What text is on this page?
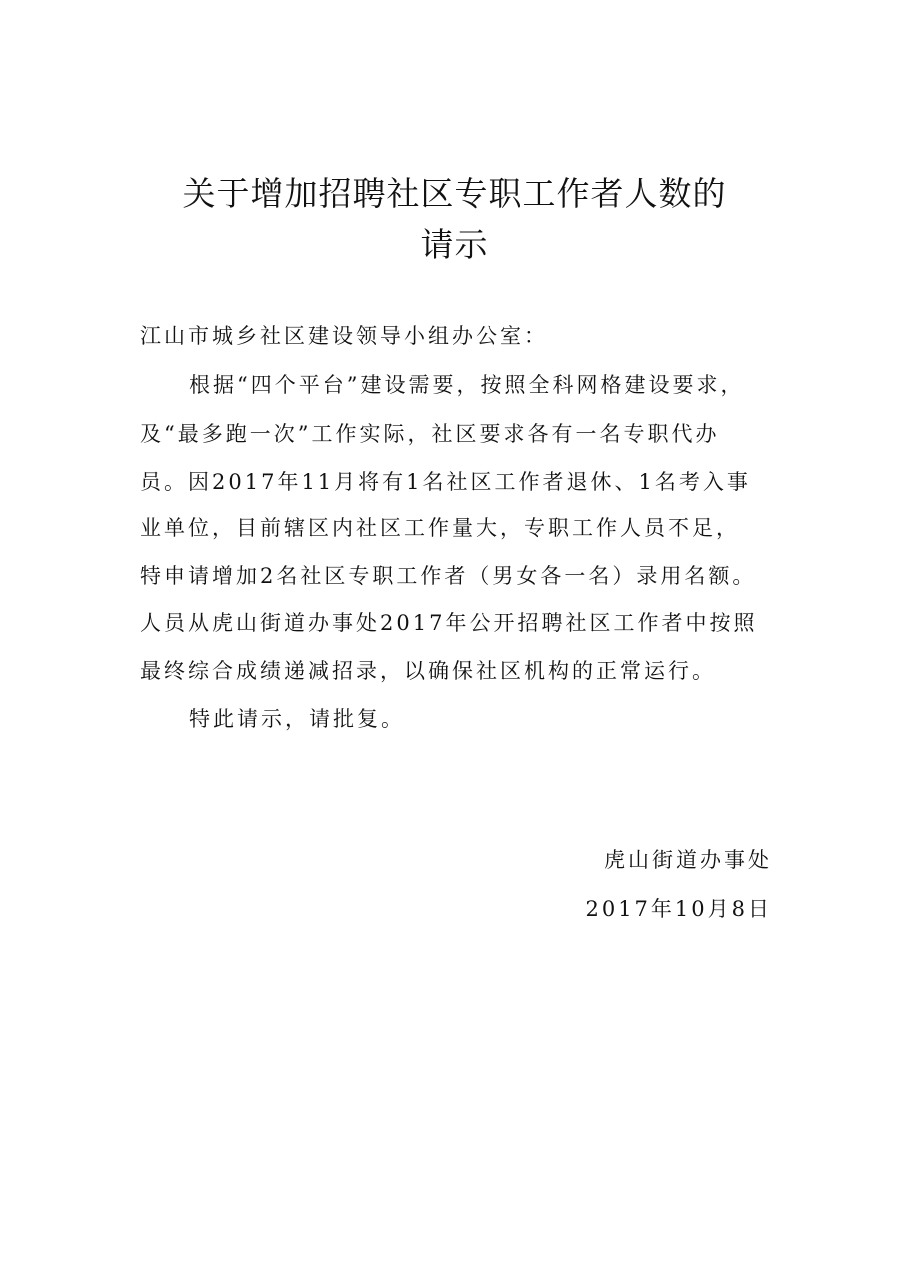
关于增加招聘社区专职工作者人数的
请示
江山市城乡社区建设领导小组办公室：
根据“四个平台”建设需要，按照全科网格建设要求，
及“最多跑一次”工作实际，社区要求各有一名专职代办
员。因2017年11月将有1名社区工作者退休、1名考入事
业单位，目前辖区内社区工作量大，专职工作人员不足，
特申请增加2名社区专职工作者（男女各一名）录用名额。
人员从虎山街道办事处2017年公开招聘社区工作者中按照
最终综合成绩递减招录，以确保社区机构的正常运行。
特此请示，请批复。
虎山街道办事处
2017年10月8日
